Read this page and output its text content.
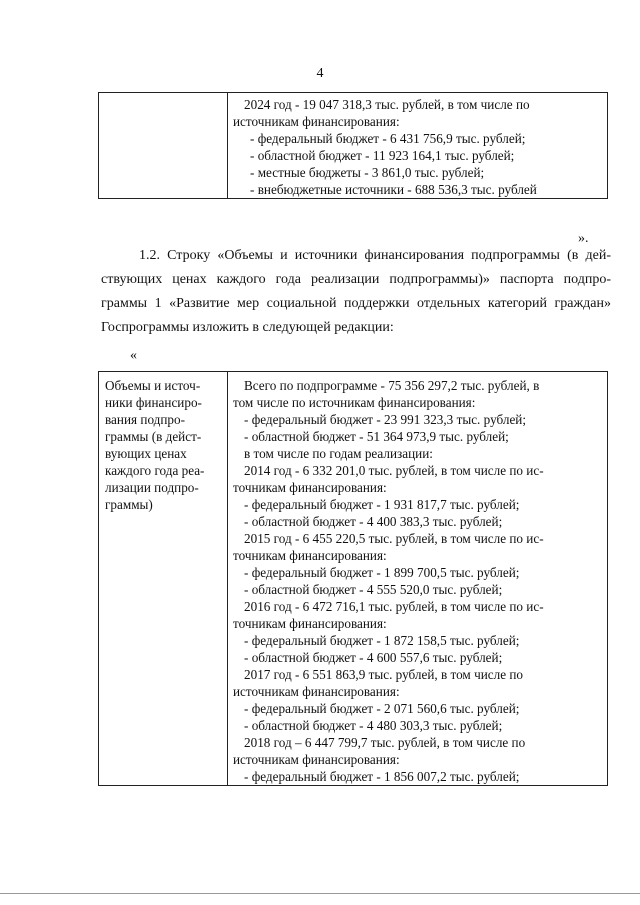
4

2024 год - 19 047 318,3 тыс. рублей, в том числе по
источникам финансирования:
- федеральный бюджет - 6 431 756,9 тыс. рублей;
- областной бюджет - 11 923 164,1 тыс. рублей;
- местные бюджеты - 3 861,0 тыс. рублей;
- внебюджетные источники - 688 536,3 тыс. рублей
».
1.2. Строку «Объемы и источники финансирования подпрограммы (в дей-
ствующих ценах каждого года реализации подпрограммы)» паспорта подпро-
граммы 1 «Развитие мер социальной поддержки отдельных категорий граждан»
Госпрограммы изложить в следующей редакции:
«
Объемы и источ-
ники финансиро-
вания подпро-
граммы (в дейст-
вующих ценах
каждого года реа-
лизации подпро-
граммы)

Всего по подпрограмме - 75 356 297,2 тыс. рублей, в
том числе по источникам финансирования:
- федеральный бюджет - 23 991 323,3 тыс. рублей;
- областной бюджет - 51 364 973,9 тыс. рублей;
в том числе по годам реализации:
2014 год - 6 332 201,0 тыс. рублей, в том числе по ис-
точникам финансирования:
- федеральный бюджет - 1 931 817,7 тыс. рублей;
- областной бюджет - 4 400 383,3 тыс. рублей;
2015 год - 6 455 220,5 тыс. рублей, в том числе по ис-
точникам финансирования:
- федеральный бюджет - 1 899 700,5 тыс. рублей;
- областной бюджет - 4 555 520,0 тыс. рублей;
2016 год - 6 472 716,1 тыс. рублей, в том числе по ис-
точникам финансирования:
- федеральный бюджет - 1 872 158,5 тыс. рублей;
- областной бюджет - 4 600 557,6 тыс. рублей;
2017 год - 6 551 863,9 тыс. рублей, в том числе по
источникам финансирования:
- федеральный бюджет - 2 071 560,6 тыс. рублей;
- областной бюджет - 4 480 303,3 тыс. рублей;
2018 год – 6 447 799,7 тыс. рублей, в том числе по
источникам финансирования:
- федеральный бюджет - 1 856 007,2 тыс. рублей;
